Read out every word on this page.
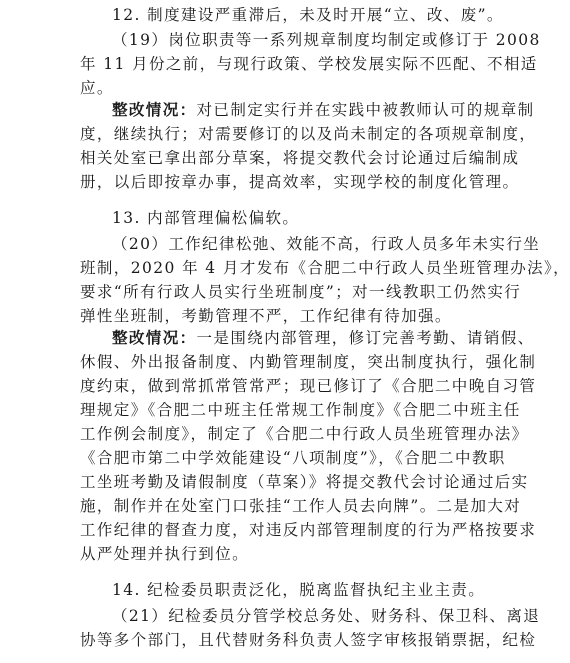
12. 制度建设严重滞后，未及时开展“立、改、废”。
（19）岗位职责等一系列规章制度均制定或修订于 2008
年 11 月份之前，与现行政策、学校发展实际不匹配、不相适
应。
整改情况：对已制定实行并在实践中被教师认可的规章制
度，继续执行；对需要修订的以及尚未制定的各项规章制度，
相关处室已拿出部分草案，将提交教代会讨论通过后编制成
册，以后即按章办事，提高效率，实现学校的制度化管理。
13. 内部管理偏松偏软。
（20）工作纪律松弛、效能不高，行政人员多年未实行坐
班制，2020 年 4 月才发布《合肥二中行政人员坐班管理办法》，
要求“所有行政人员实行坐班制度”；对一线教职工仍然实行
弹性坐班制，考勤管理不严，工作纪律有待加强。
整改情况：一是围绕内部管理，修订完善考勤、请销假、
休假、外出报备制度、内勤管理制度，突出制度执行，强化制
度约束，做到常抓常管常严；现已修订了《合肥二中晚自习管
理规定》《合肥二中班主任常规工作制度》《合肥二中班主任
工作例会制度》，制定了《合肥二中行政人员坐班管理办法》
《合肥市第二中学效能建设“八项制度”》，《合肥二中教职
工坐班考勤及请假制度（草案）》将提交教代会讨论通过后实
施，制作并在处室门口张挂“工作人员去向牌”。二是加大对
工作纪律的督查力度，对违反内部管理制度的行为严格按要求
从严处理并执行到位。
14. 纪检委员职责泛化，脱离监督执纪主业主责。
（21）纪检委员分管学校总务处、财务科、保卫科、离退
协等多个部门，且代替财务科负责人签字审核报销票据，纪检
